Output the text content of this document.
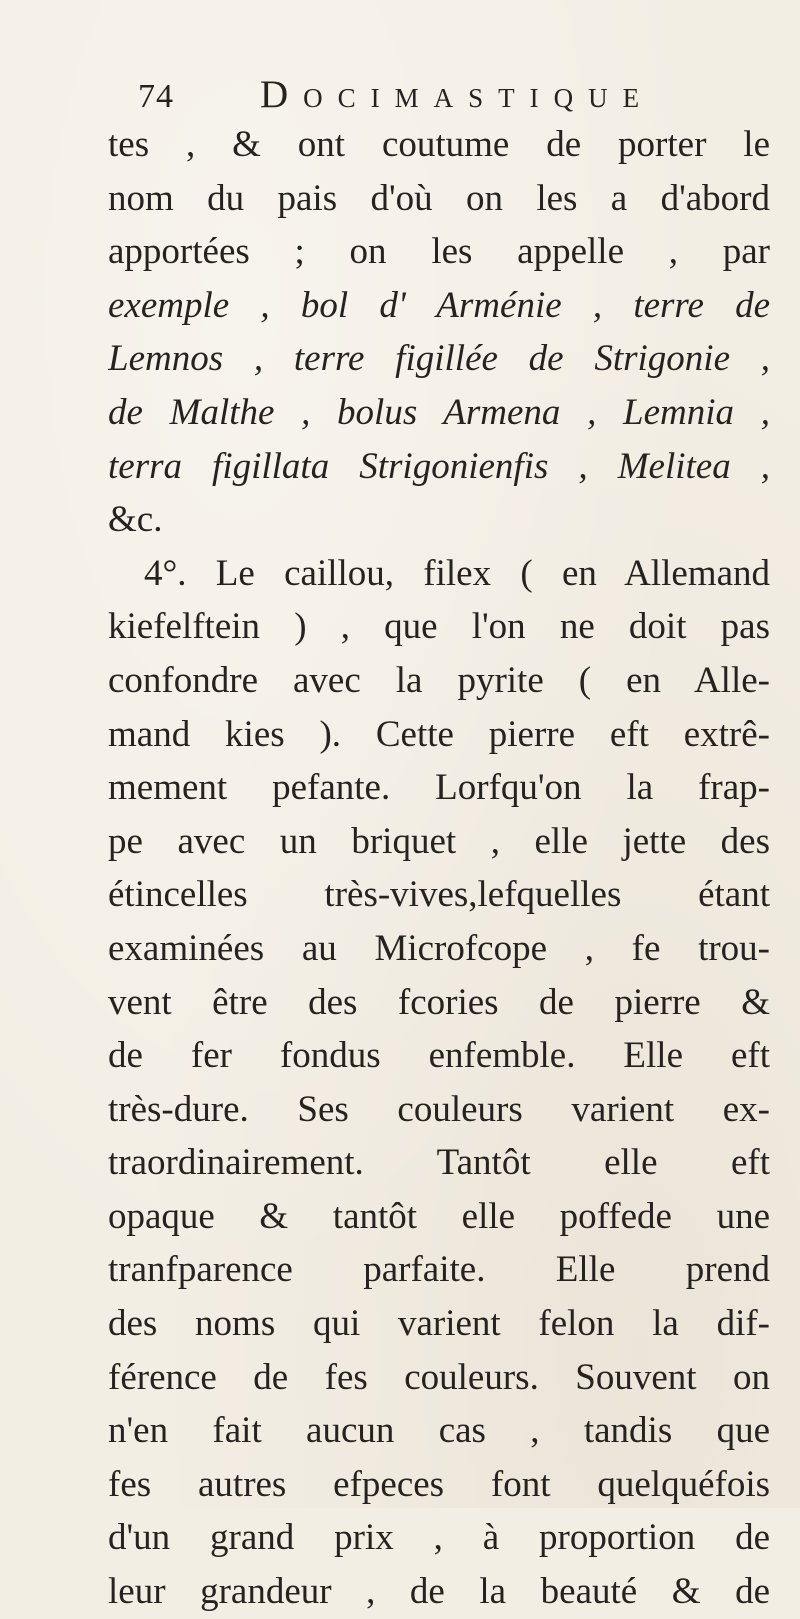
74 Docimastique
tes , & ont coutume de porter le
nom du pais d'où on les a d'abord
apportées ; on les appelle , par
exemple , bol d' Arménie , terre de
Lemnos , terre figillée de Strigonie ,
de Malthe , bolus Armena , Lemnia ,
terra figillata Strigonienfis , Melitea ,
&c.
4°. Le caillou, filex ( en Allemand
kiefelftein ) , que l'on ne doit pas
confondre avec la pyrite ( en Alle-
mand kies ). Cette pierre eft extrê-
mement pefante. Lorfqu'on la frap-
pe avec un briquet , elle jette des
étincelles très-vives,lefquelles étant
examinées au Microfcope , fe trou-
vent être des fcories de pierre &
de fer fondus enfemble. Elle eft
très-dure. Ses couleurs varient ex-
traordinairement. Tantôt elle eft
opaque & tantôt elle poffede une
tranfparence parfaite. Elle prend
des noms qui varient felon la dif-
férence de fes couleurs. Souvent on
n'en fait aucun cas , tandis que
fes autres efpeces font quelquéfois
d'un grand prix , à proportion de
leur grandeur , de la beauté & de
